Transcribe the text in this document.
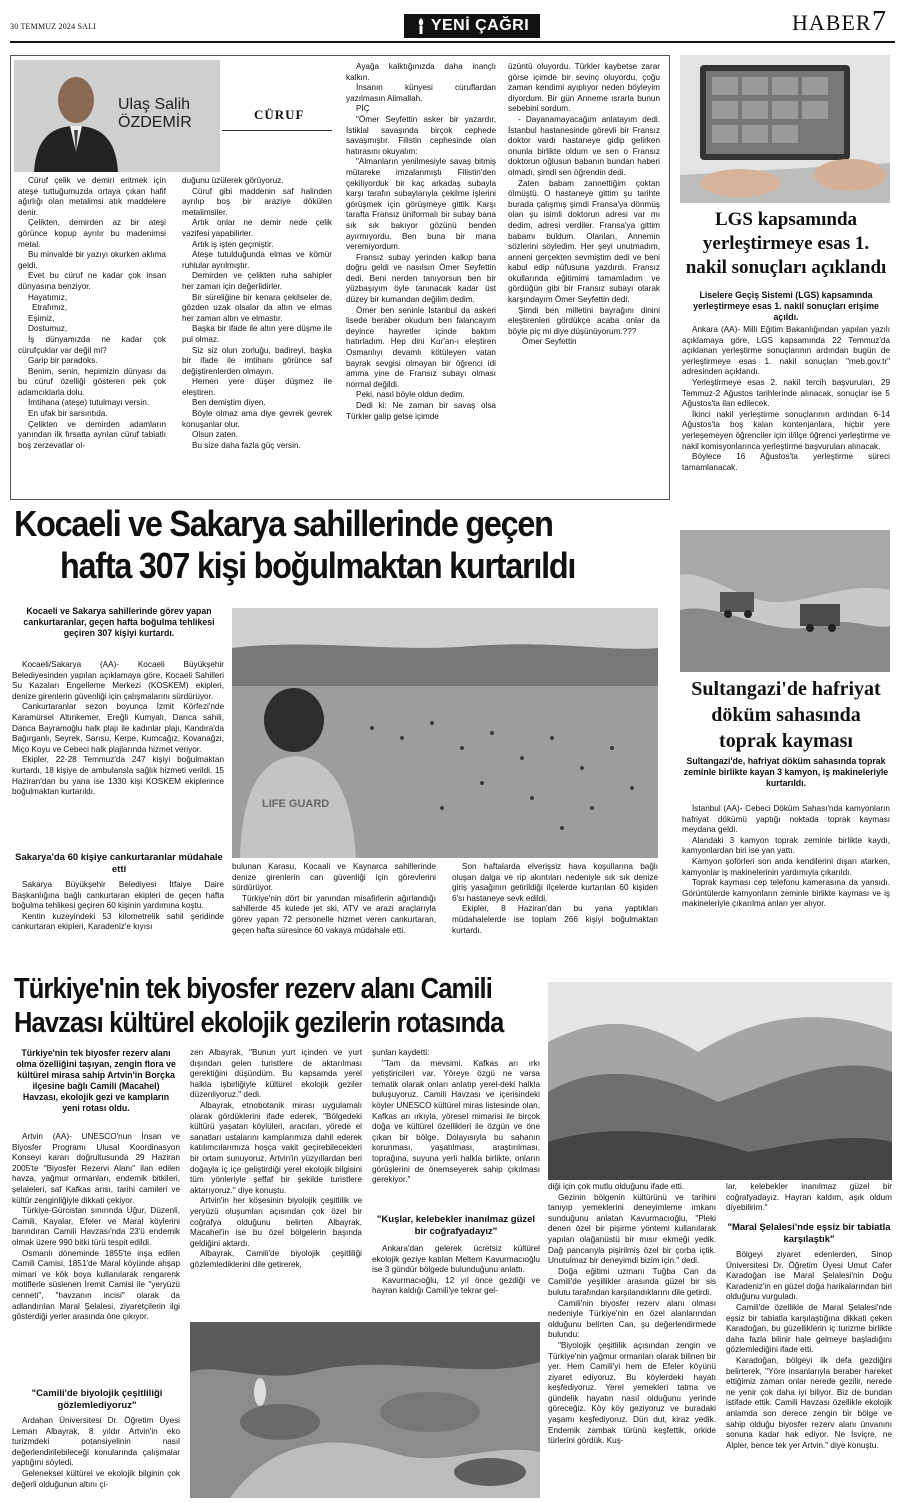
30 TEMMUZ 2024 SALI	YENİ ÇAĞRI	HABER 7
Ulaş Salih
ÖZDEMİR	CÜRUF

Cüruf çelik ve demiri eritmek için ateşe tuttuğumuzda ortaya çıkan hafif ağırlığı olan metalimsi atık maddelere denir.

Çelikten, demirden az bir ateşi görünce kopup ayrılır bu madenimsi metal.

Bu minvalde bir yazıyı okurken aklıma geldi.

Evet bu cüruf ne kadar çok insan dünyasına benziyor.

Hayatımız,

Etrafımız,

Eşimiz,

Dostumuz,

İş dünyamızda ne kadar çok cürufçuklar var değil mi?

Garip bir paradoks.

Benim, senin, hepimizin dünyası da bu cüruf özelliği gösteren pek çok adamcıklarla dolu.

İmtihana (ateşe) tutulmayı versin.

En ufak bir sarsıntıda.

Çelikten ve demirden adamların yanından ilk fırsatta ayrılan cüruf tabiatlı boş zerzevatlar ol-

duğunu üzülerek görüyoruz.

Cüruf gibi maddenin saf halinden ayrılıp boş bir araziye dökülen metalimsiler.

Artık onlar ne demir nede çelik vazifesi yapabilirler.

Artık iş işten geçmiştir.

Ateşe tutulduğunda elmas ve kömür ruhlular ayrılmıştır.

Demirden ve çelikten ruha sahipler her zaman için değerlidirler.

Bir süreliğine bir kenara çekilseler de, gözden uzak olsalar da altın ve elmas her zaman altın ve elmastır.

Başka bir ifade ile altın yere düşme ile pul olmaz.

Siz siz olun zorluğu, badireyi, başka bir ifade ile imtihanı görünce saf değiştirenlerden olmayın.

Hemen yere düşer düşmez ile eleştiren.

Ben demiştim diyen.

Böyle olmaz ama diye gevrek gevrek konuşanlar olur.

Olsun zaten.

Bu size daha fazla güç versin.

Ayağa kalktığınızda daha inançlı kalkın.

İnsanın künyesi cüruflardan yazılmasın Alimallah.

PİÇ

"Ömer Seyfettin asker bir yazardır, İstiklal savaşında birçok cephede savaşmıştır. Filistin cephesinde olan hatırasını okuyalım:

"Almanların yenilmesiyle savaş bitmiş mütareke imzalanmıştı Filistin'den çekiliyorduk bir kaç arkadaş subayla karşı tarafın subaylarıyla çekilme işlerini görüşmek için görüşmeye gittik. Karşı tarafta Fransız üniformalı bir subay bana sık sık bakıyor gözünü benden ayırmıyordu. Ben buna bir mana veremiyordum.

Fransız subay yerinden kalkıp bana doğru geldi ve nasılsın Ömer Seyfettin dedi. Beni nerden tanıyorsun ben bir yüzbaşıyım öyle tanınacak kadar üst düzey bir kumandan değilim dedim.

Ömer ben seninle İstanbul da askeri lisede beraber okudum ben falancayım deyince hayretler içinde baktım hatırladım. Hep dini Kur'an-ı eleştiren Osmanlıyı devamlı kötüleyen vatan bayrak sevgisi olmayan bir öğrenci idi amma yine de Fransız subayı olması normal değildi.

Peki, nasıl böyle oldun dedim.

Dedi ki: Ne zaman bir savaş olsa Türkler galip gelse içimde

üzüntü oluyordu. Türkler kaybetse zarar görse içimde bir sevinç oluyordu, çoğu zaman kendimi ayıplıyor neden böyleyim diyordum. Bir gün Anneme ısrarla bunun sebebini sordum.

- Dayanamayacağım anlatayım dedi. İstanbul hastanesinde görevli bir Fransız doktor vardı hastaneye gidip gelirken onunla birlikte oldum ve sen o Fransız doktorun oğlusun babanın bundan haberi olmadı, şimdi sen öğrendin dedi.

Zaten babam zannettiğim çoktan ölmüştü. O hastaneye gittim şu tarihte burada çalışmış şimdi Fransa'ya dönmüş olan şu isimli doktorun adresi var mı dedim, adresi verdiler. Fransa'ya gittim babamı buldum. Olanları, Annemin sözlerini söyledim. Her şeyi unutmadım, anneni gerçekten sevmiştim dedi ve beni kabul edip nüfusuna yazdırdı. Fransız okullarında eğitimimi tamamladım ve gördüğün gibi bir Fransız subayı olarak karşındayım Ömer Seyfettin dedi.

Şimdi ben milletini bayrağını dinini eleştirenleri gördükçe acaba onlar da böyle piç mi diye düşünüyorum.???

Ömer Seyfettin

LGS kapsamında yerleştirmeye esas 1. nakil sonuçları açıklandı
Liselere Geçiş Sistemi (LGS) kapsamında yerleştirmeye esas 1. nakil sonuçları erişime açıldı.

Ankara (AA)- Milli Eğitim Bakanlığından yapılan yazılı açıklamaya göre, LGS kapsamında 22 Temmuz'da açıklanan yerleştirme sonuçlarının ardından bugün de yerleştirmeye esas 1. nakil sonuçları "meb.gov.tr" adresinden açıklandı.

Yerleştirmeye esas 2. nakil tercih başvuruları, 29 Temmuz-2 Ağustos tarihlerinde alınacak, sonuçlar ise 5 Ağustos'ta ilan edilecek.

İkinci nakil yerleştirme sonuçlarının ardından 6-14 Ağustos'ta boş kalan kontenjanlara, hiçbir yere yerleşemeyen öğrenciler için il/ilçe öğrenci yerleştirme ve nakil komisyonlarınca yerleştirme başvuruları alınacak.

Böylece 16 Ağustos'ta yerleştirme süreci tamamlanacak.

Sultangazi'de hafriyat döküm sahasında toprak kayması
Sultangazi'de, hafriyat döküm sahasında toprak zeminle birlikte kayan 3 kamyon, iş makineleriyle kurtarıldı.

İstanbul (AA)- Cebeci Döküm Sahası'nda kamyonların hafriyat dökümü yaptığı noktada toprak kayması meydana geldi.

Alandaki 3 kamyon toprak zeminle birlikte kaydı, kamyonlardan biri ise yan yattı.

Kamyon şoförleri son anda kendilerini dışarı atarken, kamyonlar iş makinelerinin yardımıyla çıkarıldı.

Toprak kayması cep telefonu kamerasına da yansıdı. Görüntülerde kamyonların zeminle birlikte kayması ve iş makineleriyle çıkarılma anları yer alıyor.

Kocaeli ve Sakarya sahillerinde geçen
hafta 307 kişi boğulmaktan kurtarıldı
Kocaeli ve Sakarya sahillerinde görev yapan cankurtaranlar, geçen hafta boğulma tehlikesi geçiren 307 kişiyi kurtardı.

Kocaeli/Sakarya (AA)- Kocaeli Büyükşehir Belediyesinden yapılan açıklamaya göre, Kocaeli Sahilleri Su Kazaları Engelleme Merkezi (KOSKEM) ekipleri, denize girenlerin güvenliği için çalışmalarını sürdürüyor.

Cankurtaranlar sezon boyunca İzmit Körfezi'nde Karamürsel Altınkemer, Ereğli Kumyalı, Darıca sahili, Danca Bayramoğlu halk plajı ile kadınlar plajı, Kandıra'da Bağırganlı, Seyrek, Sarısu, Kerpe, Kumcağız, Kovanağzı, Miço Koyu ve Cebeci halk plajlarında hizmet veriyor.

Ekipler, 22-28 Temmuz'da 247 kişiyi boğulmaktan kurtardı, 18 kişiye de ambulansla sağlık hizmeti verildi. 15 Haziran'dan bu yana ise 1330 kişi KOSKEM ekiplerince boğulmaktan kurtarıldı.

Sakarya'da 60 kişiye cankurtaranlar müdahale etti

Sakarya Büyükşehir Belediyesi İtfaiye Daire Başkanlığına bağlı cankurtaran ekipleri de geçen hafta boğulma tehlikesi geçiren 60 kişinin yardımına koştu.

Kentin kuzeyindeki 53 kilometrelik sahil şeridinde cankurtaran ekipleri, Karadeniz'e kıyısı

LIFE GUARD

bulunan Karasu, Kocaali ve Kaynarca sahillerinde denize girenlerin can güvenliği için görevlerini sürdürüyor.

Türkiye'nin dört bir yanından misafirlerin ağırlandığı sahillerde 45 kulede jet ski, ATV ve arazi araçlarıyla görev yapan 72 personelle hizmet veren cankurtaran, geçen hafta süresince 60 vakaya müdahale etti.

Son haftalarda elverişsiz hava koşullarına bağlı oluşan dalga ve rip akıntıları nedeniyle sık sık denize giriş yasağının getirildiği ilçelerde kurtarılan 60 kişiden 6'sı hastaneye sevk edildi.

Ekipler, 8 Haziran'dan bu yana yaptıkları müdahalelerde ise toplam 266 kişiyi boğulmaktan kurtardı.

Türkiye'nin tek biyosfer rezerv alanı Camili
Havzası kültürel ekolojik gezilerin rotasında
Türkiye'nin tek biyosfer rezerv alanı olma özelliğini taşıyan, zengin flora ve kültürel mirasa sahip Artvin'in Borçka ilçesine bağlı Camili (Macahel) Havzası, ekolojik gezi ve kampların yeni rotası oldu.

Artvin (AA)- UNESCO'nun İnsan ve Biyosfer Programı Ulusal Koordinasyon Konseyi kararı doğrultusunda 29 Haziran 2005'te "Biyosfer Rezervi Alanı" ilan edilen havza, yağmur ormanları, endemik bitkileri, şelaleleri, saf Kafkas arısı, tarihi camileri ve kültür zenginliğiyle dikkati çekiyor.

Türkiye-Gürcistan sınırında Uğur, Düzenli, Camili, Kayalar, Efeler ve Maral köylerini barındıran Camili Havzası'nda 23'ü endemik olmak üzere 990 bitki türü tespit edildi.

Osmanlı döneminde 1855'te inşa edilen Camili Camisi, 1851'de Maral köyünde ahşap mimari ve kök boya kullanılarak rengarenk motiflerle süslenen İremit Camisi ile "yeryüzü cenneti", "havzanın incisi" olarak da adlandırılan Maral Şelalesi, ziyaretçilerin ilgi gösterdiği yerler arasında öne çıkıyor.

"Camili'de biyolojik çeşitliliği gözlemlediyoruz"

Ardahan Üniversitesi Dr. Öğretim Üyesi Leman Albayrak, 8 yıldır Artvin'in eko turizmdeki potansiyelinin nasıl değerlendirilebileceği konularında çalışmalar yaptığını söyledi.

Geleneksel kültürel ve ekolojik bilginin çok değerli olduğunun altını çi-

zen Albayrak, "Bunun yurt içinden ve yurt dışından gelen turistlere de aktarılması gerektiğini düşündüm. Bu kapsamda yerel halkla işbirliğiyle kültürel ekolojik geziler düzenliyoruz." dedi.

Albayrak, etnobotanik mirası uygulamalı olarak gördüklerini ifade ederek, "Bölgedeki kültürü yaşatan köylüleri, aracıları, yörede el sanatları ustalarını kamplarımıza dahil ederek katılımcılarımıza hoşça vakit geçirebilecekleri bir ortam sunuyoruz. Artvin'in yüzyıllardan beri doğayla iç içe geliştirdiği yerel ekolojik bilgisini tüm yönleriyle şeffaf bir şekilde turistlere aktarıyoruz." diye konuştu.

Artvin'in her köşesinin biyolojik çeşitlilik ve yeryüzü oluşumları açısından çok özel bir coğrafya olduğunu belirten Albayrak, Macahel'in ise bu özel bölgelerin başında geldiğini aktardı.

Albayrak, Camili'de biyolojik çeşitliliği gözlemlediklerini dile getirerek,

şunları kaydetti:

"Tam da mevsimi. Kafkas arı ırkı yetiştiricileri var. Yöreye özgü ne varsa tematik olarak onları anlatıp yerel-deki halkla buluşuyoruz. Camili Havzası ve içerisindeki köyler UNESCO kültürel miras listesinde olan, Kafkas arı ırkıyla, yöresel mimarisi ile birçok doğa ve kültürel özellikleri ile özgün ve öne çıkan bir bölge. Dolayısıyla bu sahanın korunması, yaşatılması, araştırılması, toprağına, suyuna yerli halkla birlikte, onların görüşlerini de önemseyerek sahip çıkılması gerekiyor."

"Kuşlar, kelebekler inanılmaz güzel bir coğrafyadayız"

Ankara'dan gelerek ücretsiz kültürel ekolojik geziye katılan Meltem Kavurmacıoğlu ise 3 gündür bölgede bulunduğunu anlattı.

Kavurmacıoğlu, 12 yıl önce gezdiği ve hayran kaldığı Camili'ye tekrar gel-

diği için çok mutlu olduğunu ifade etti.

Gezinin bölgenin kültürünü ve tarihini tanıyıp yemeklerini deneyimleme imkanı sunduğunu anlatan Kavurmacıoğlu, "Pleki denen özel bir pişirme yöntemi kullanılarak yapılan olağanüstü bir mısır ekmeği yedik. Dağ pancarıyla pişirilmiş özel bir çorba içtik. Unutulmaz bir deneyimdi bizim için." dedi.

Doğa eğitimi uzmanı Tuğba Can da Camili'de yeşillikler arasında güzel bir sis bulutu tarafından karşılandıklarını dile getirdi.

Camili'nin biyosfer rezerv alanı olması nedeniyle Türkiye'nin en özel alanlarından olduğunu belirten Can, şu değerlendirmede bulundu:

"Biyolojik çeşitlilik açısından zengin ve Türkiye'nin yağmur ormanları olarak bilinen bir yer. Hem Camili'yi hem de Efeler köyünü ziyaret ediyoruz. Bu köylerdeki hayatı keşfediyoruz. Yerel yemekleri tatma ve gündelik hayatın nasıl olduğunu yerinde göreceğiz. Köy köy geziyoruz ve buradaki yaşamı keşfediyoruz. Dün dut, kiraz yedik. Endemik zambak türünü keşfettik, orkide türlerini gördük. Kuş-

lar, kelebekler inanılmaz güzel bir coğrafyadayız. Hayran kaldım, aşık oldum diyebilirim."

"Maral Şelalesi'nde eşsiz bir tabiatla karşılaştık"

Bölgeyi ziyaret edenlerden, Sinop Üniversitesi Dr. Öğretim Üyesi Umut Cafer Karadoğan ise Maral Şelalesi'nin Doğu Karadeniz'in en güzel doğa harikalarından biri olduğunu vurguladı.

Camili'de özellikle de Maral Şelalesi'nde eşsiz bir tabiatla karşılaştığına dikkati çeken Karadoğan, bu güzelliklerin iç turizme birlikte daha fazla bilinir hale gelmeye başladığını gözlemlediğini ifade etti.

Karadoğan, bölgeyi ilk defa gezdiğini belirterek, "Yöre insanlarıyla beraber hareket ettiğimiz zaman onlar nerede gezilir, nerede ne yenir çok daha iyi biliyor. Biz de bundan istifade ettik. Camili Havzası özellikle ekolojik anlamda son derece zengin bir bölge ve sahip olduğu biyosfer rezerv alanı ünvanını sonuna kadar hak ediyor. Ne İsviçre, ne Alpler, bence tek yer Artvin." diye konuştu.
